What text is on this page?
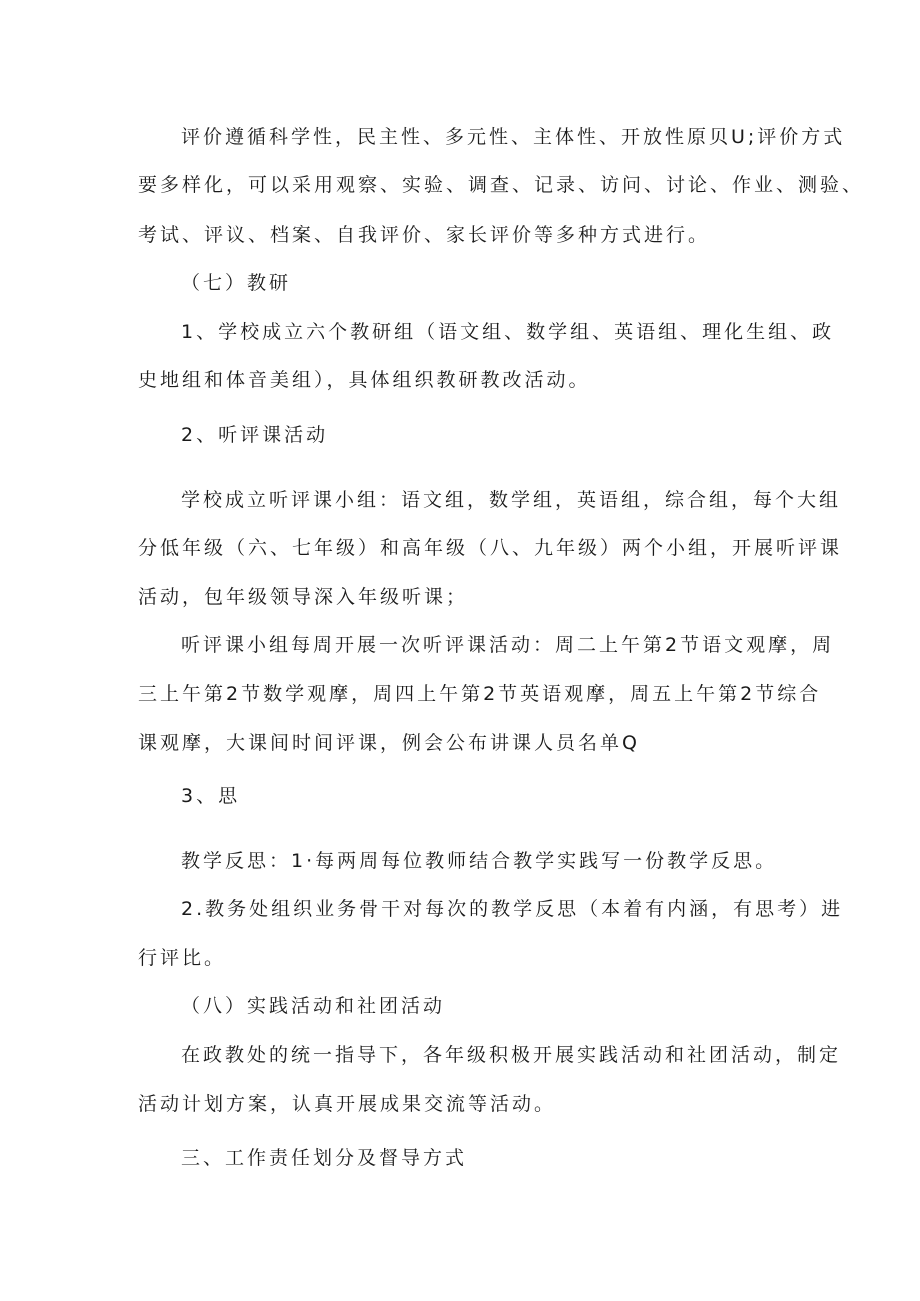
评价遵循科学性，民主性、多元性、主体性、开放性原贝U;评价方式

要多样化，可以采用观察、实验、调查、记录、访问、讨论、作业、测验、

考试、评议、档案、自我评价、家长评价等多种方式进行。

（七）教研

1、学校成立六个教研组（语文组、数学组、英语组、理化生组、政

史地组和体音美组），具体组织教研教改活动。

2、听评课活动

学校成立听评课小组：语文组，数学组，英语组，综合组，每个大组

分低年级（六、七年级）和高年级（八、九年级）两个小组，开展听评课

活动，包年级领导深入年级听课；

听评课小组每周开展一次听评课活动：周二上午第2节语文观摩，周

三上午第2节数学观摩，周四上午第2节英语观摩，周五上午第2节综合

课观摩，大课间时间评课，例会公布讲课人员名单Q

3、思

教学反思：1·每两周每位教师结合教学实践写一份教学反思。

2.教务处组织业务骨干对每次的教学反思（本着有内涵，有思考）进

行评比。

（八）实践活动和社团活动

在政教处的统一指导下，各年级积极开展实践活动和社团活动，制定

活动计划方案，认真开展成果交流等活动。

三、工作责任划分及督导方式
